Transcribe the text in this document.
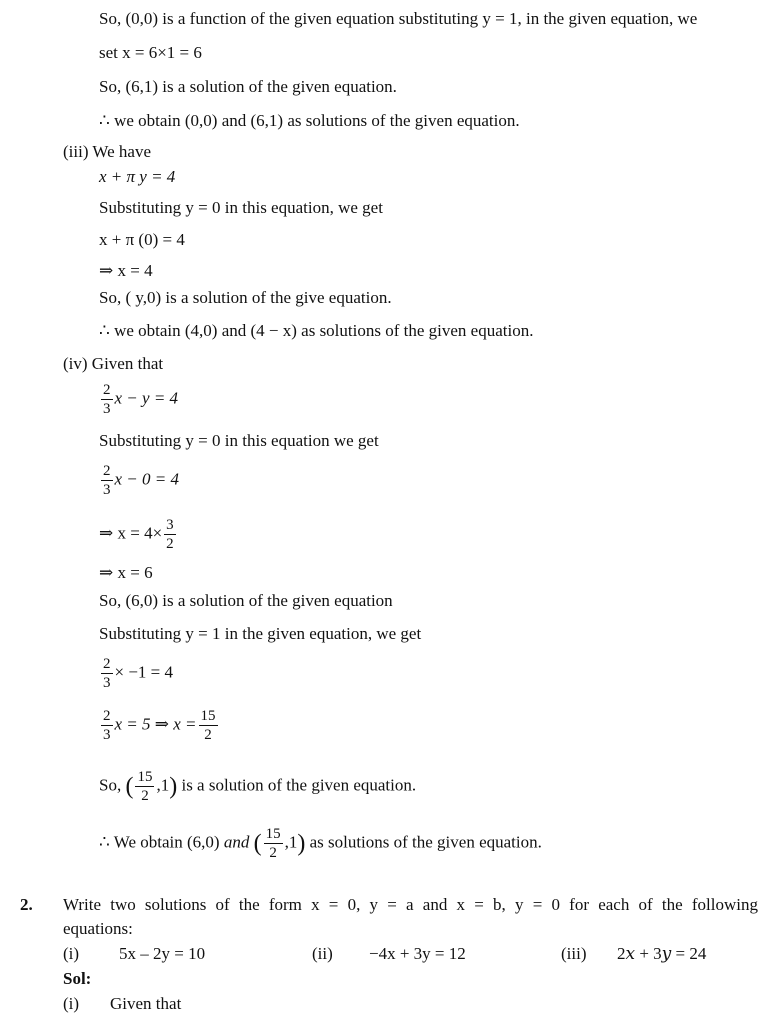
So, (0,0) is a function of the given equation substituting y = 1, in the given equation, we
set x = 6×1 = 6
So, (6,1) is a solution of the given equation.
∴ we obtain (0,0) and (6,1) as solutions of the given equation.
(iii) We have
x + π y = 4
Substituting y = 0 in this equation, we get
x + π (0) = 4
⇒ x = 4
So, ( y,0) is a solution of the give equation.
∴ we obtain (4,0) and (4 − x) as solutions of the given equation.
(iv) Given that
$\frac{2}{3}$ x − y = 4
Substituting y = 0 in this equation we get
$\frac{2}{3}$ x − 0 = 4
⇒ $x = 4\times \frac{3}{2}$
⇒ x = 6
So, (6,0) is a solution of the given equation
Substituting y = 1 in the given equation, we get
$\frac{2}{3} \times -1 = 4$
$\frac{2}{3}$ x = 5 ⇒ $x = \frac{15}{2}$
So, ( $\frac{15}{2} ,1$) is a solution of the given equation.
∴ We obtain (6,0) and ( $\frac{15}{2} ,1$) as solutions of the given equation.
2. Write two solutions of the form x = 0, y = a and x = b, y = 0 for each of the following
equations:
(i) 5x – 2y = 10	(ii) −4x + 3y = 12	(iii) 2𝑥 + 3𝑦 = 24
Sol:
(i) Given that
